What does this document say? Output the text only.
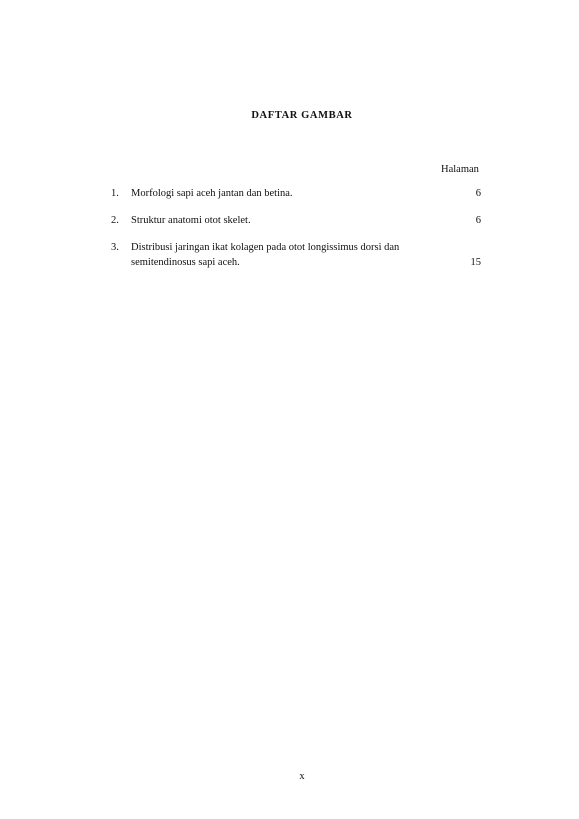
DAFTAR GAMBAR
Halaman
1. Morfologi sapi aceh jantan dan betina.	6
2. Struktur anatomi otot skelet.	6
3. Distribusi jaringan ikat kolagen pada otot longissimus dorsi dan semitendinosus sapi aceh.	15
x
